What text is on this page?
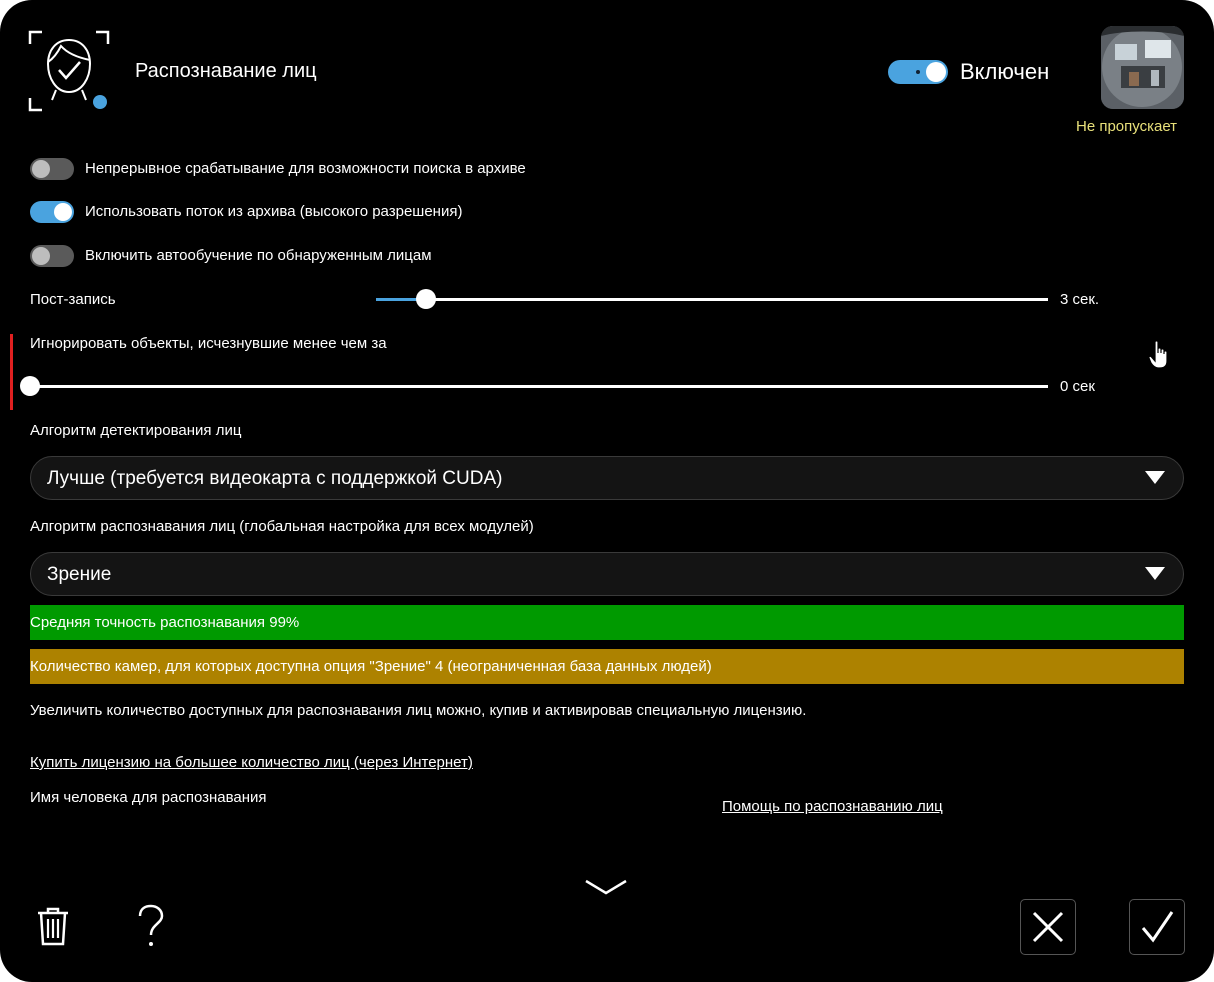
Распознавание лиц	Включен
Не пропускает
Непрерывное срабатывание для возможности поиска в архиве
Использовать поток из архива (высокого разрешения)
Включить автообучение по обнаруженным лицам
Пост-запись	3 сек.
Игнорировать объекты, исчезнувшие менее чем за
0 сек
Алгоритм детектирования лиц
Лучше (требуется видеокарта с поддержкой CUDA)
Алгоритм распознавания лиц (глобальная настройка для всех модулей)
Зрение
Средняя точность распознавания 99%
Количество камер, для которых доступна опция "Зрение" 4 (неограниченная база данных людей)
Увеличить количество доступных для распознавания лиц можно, купив и активировав специальную лицензию.
Купить лицензию на большее количество лиц (через Интернет)
Имя человека для распознавания
Помощь по распознаванию лиц
